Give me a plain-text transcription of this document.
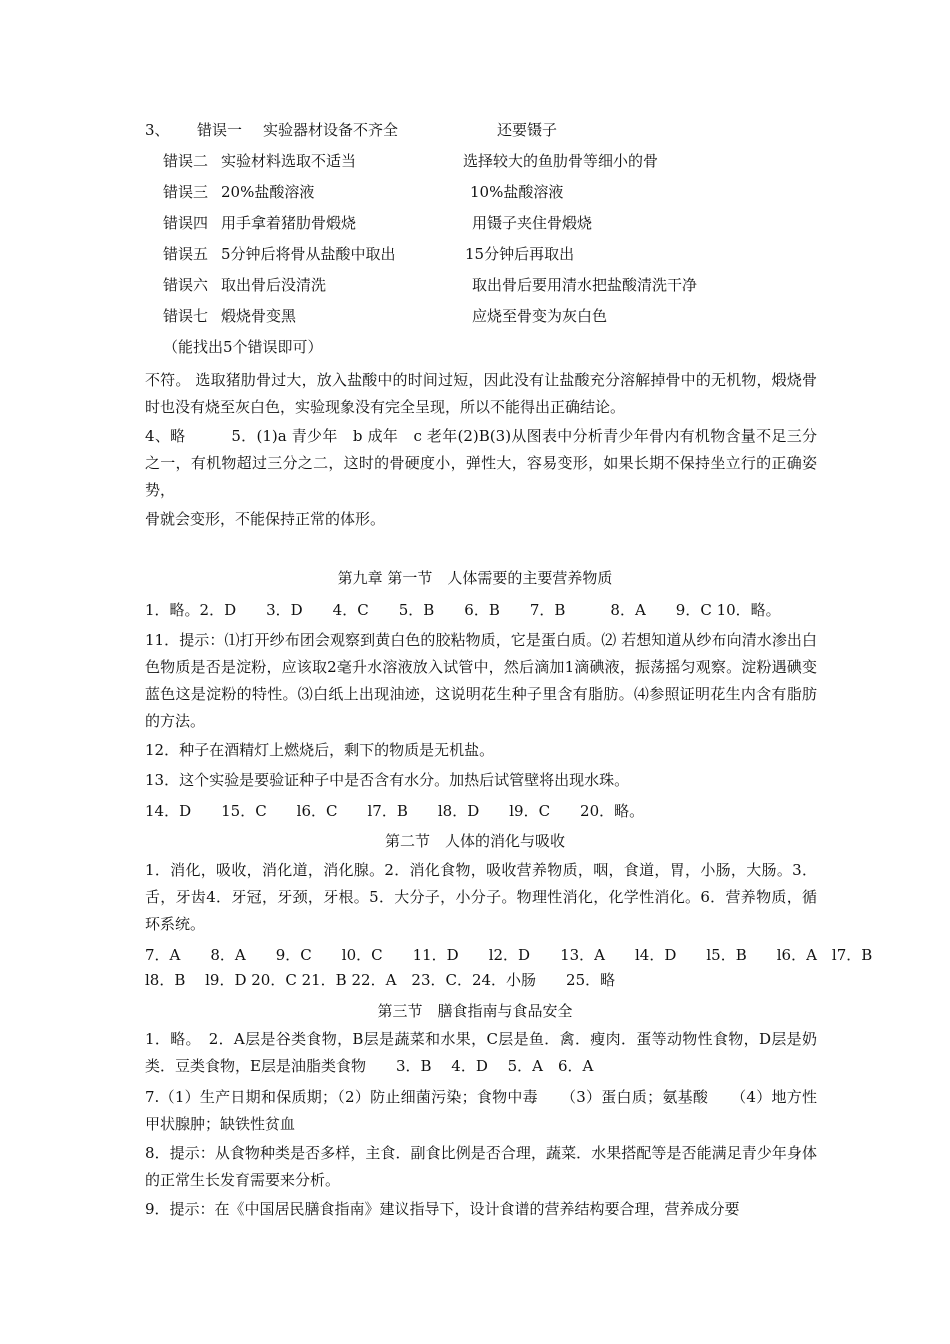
3、 错误一 实验器材设备不齐全	还要镊子
错误二 实验材料选取不适当	选择较大的鱼肋骨等细小的骨
错误三 20%盐酸溶液	10%盐酸溶液
错误四 用手拿着猪肋骨煅烧	用镊子夹住骨煅烧
错误五 5分钟后将骨从盐酸中取出	15分钟后再取出
错误六 取出骨后没清洗	取出骨后要用清水把盐酸清洗干净
错误七 煅烧骨变黑	应烧至骨变为灰白色
（能找出5个错误即可）
不符。 选取猪肋骨过大，放入盐酸中的时间过短，因此没有让盐酸充分溶解掉骨中的无机物，煅烧骨时也没有烧至灰白色，实验现象没有完全呈现，所以不能得出正确结论。
4、略　　　5．(1)a 青少年　b 成年　c 老年(2)B(3)从图表中分析青少年骨内有机物含量不足三分之一，有机物超过三分之二，这时的骨硬度小，弹性大，容易变形，如果长期不保持坐立行的正确姿势，
骨就会变形，不能保持正常的体形。
第九章 第一节　人体需要的主要营养物质
1．略。2．D　　3．D　　4．C　　5．B　　6．B　　7．B　　　8．A　　9．C 10．略。
11．提示：⑴打开纱布团会观察到黄白色的胶粘物质，它是蛋白质。⑵ 若想知道从纱布向清水渗出白色物质是否是淀粉，应该取2毫升水溶液放入试管中，然后滴加1滴碘液，振荡摇匀观察。淀粉遇碘变蓝色这是淀粉的特性。⑶白纸上出现油迹，这说明花生种子里含有脂肪。⑷参照证明花生内含有脂肪的方法。
12．种子在酒精灯上燃烧后，剩下的物质是无机盐。
13．这个实验是要验证种子中是否含有水分。加热后试管壁将出现水珠。
14．D　　15．C　　l6．C　　l7．B　　l8．D　　l9．C　　20．略。
第二节　人体的消化与吸收
1．消化，吸收，消化道，消化腺。2．消化食物，吸收营养物质，咽，食道，胃，小肠，大肠。3．舌，牙齿4．牙冠，牙颈，牙根。5．大分子，小分子。物理性消化，化学性消化。6．营养物质，循环系统。
7．A　　8．A　　9．C　　l0．C　　11．D　　l2．D　　13．A　　l4．D　　l5．B　　l6．A　l7．B
l8．B　 l9．D 20．C 21．B 22．A　23．C．24．小肠　　25．略
第三节　膳食指南与食品安全
1．略。　2．A层是谷类食物，B层是蔬菜和水果，C层是鱼．禽．瘦肉．蛋等动物性食物，D层是奶类．豆类食物，E层是油脂类食物　　3．B　 4．D　 5．A　6．A
7.（1）生产日期和保质期；（2）防止细菌污染；食物中毒　　（3）蛋白质；氨基酸　　（4）地方性甲状腺肿；缺铁性贫血
8．提示：从食物种类是否多样，主食．副食比例是否合理，蔬菜．水果搭配等是否能满足青少年身体的正常生长发育需要来分析。
9．提示：在《中国居民膳食指南》建议指导下，设计食谱的营养结构要合理，营养成分要
